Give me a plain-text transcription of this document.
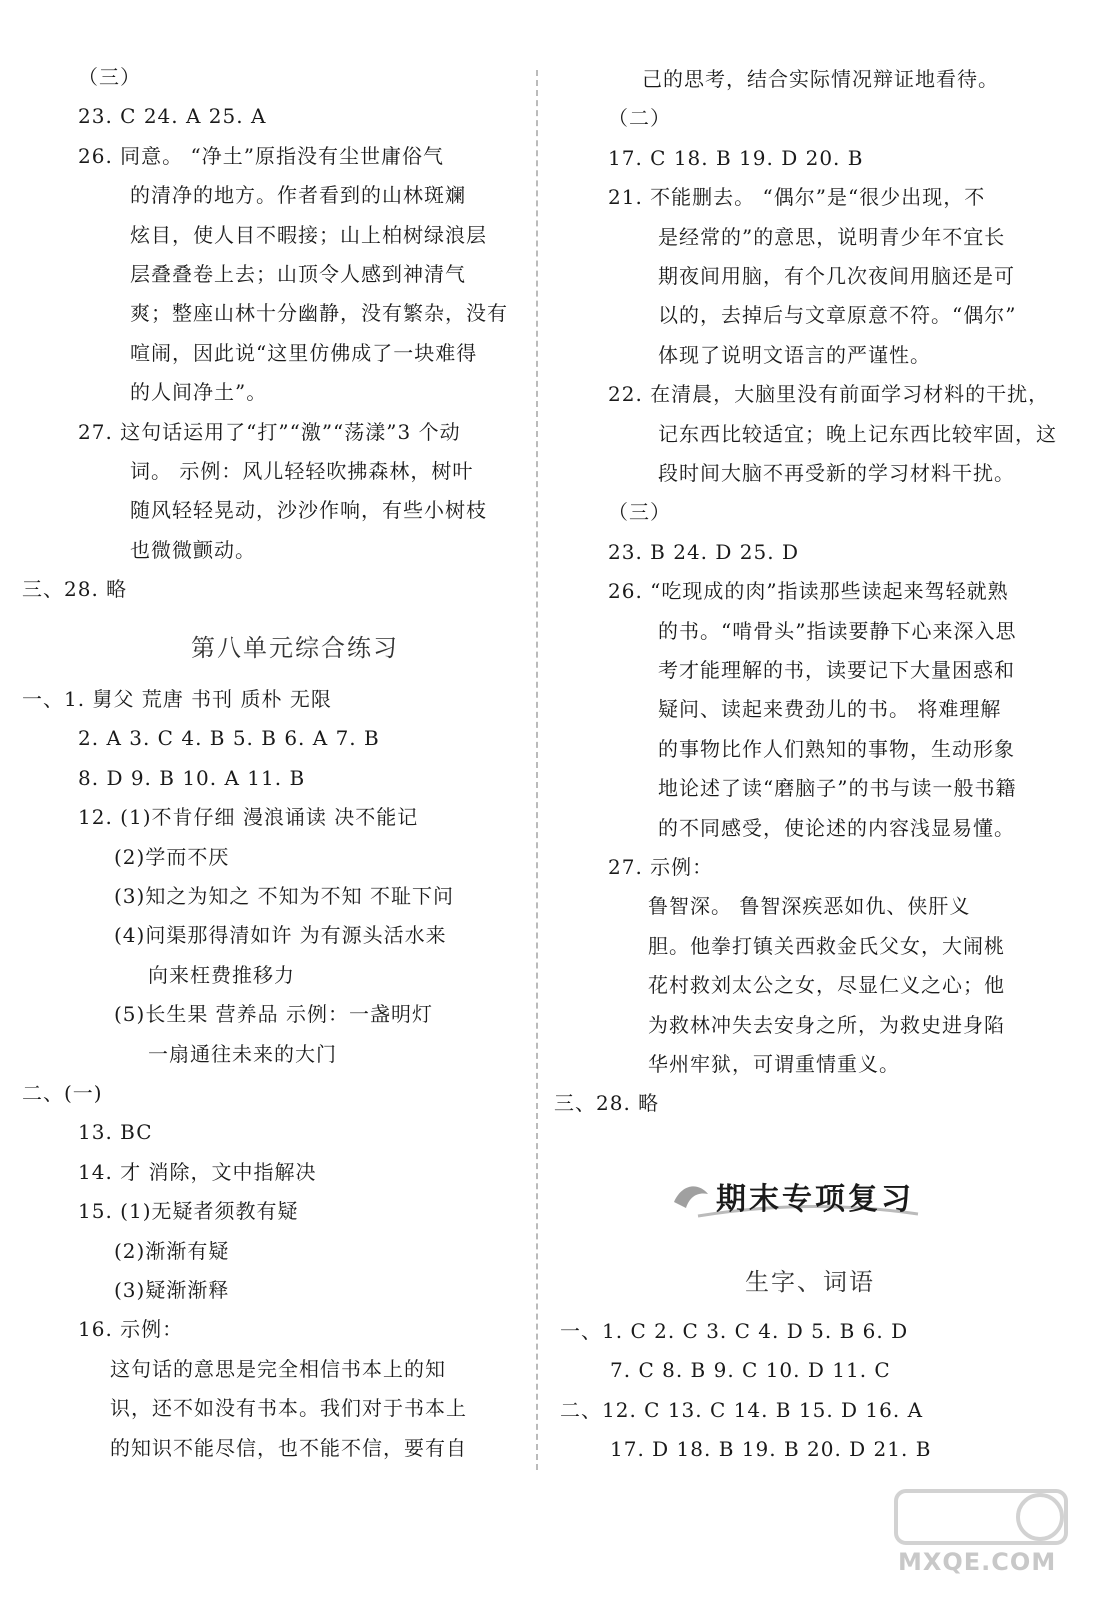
（三）
23. C 24. A 25. A
26. 同意。 “净土”原指没有尘世庸俗气
的清净的地方。作者看到的山林斑斓
炫目，使人目不暇接；山上柏树绿浪层
层叠叠卷上去；山顶令人感到神清气
爽；整座山林十分幽静，没有繁杂，没有
喧闹，因此说“这里仿佛成了一块难得
的人间净土”。
27. 这句话运用了“打”“激”“荡漾”3 个动
词。 示例：风儿轻轻吹拂森林，树叶
随风轻轻晃动，沙沙作响，有些小树枝
也微微颤动。
三、28. 略
一、1. 舅父 荒唐 书刊 质朴 无限
2. A 3. C 4. B 5. B 6. A 7. B
8. D 9. B 10. A 11. B
12. (1)不肯仔细 漫浪诵读 决不能记
(2)学而不厌
(3)知之为知之 不知为不知 不耻下问
(4)问渠那得清如许 为有源头活水来
向来枉费推移力
(5)长生果 营养品 示例：一盏明灯
一扇通往未来的大门
二、(一)
13. BC
14. 才 消除，文中指解决
15. (1)无疑者须教有疑
(2)渐渐有疑
(3)疑渐渐释
16. 示例：
这句话的意思是完全相信书本上的知
识，还不如没有书本。我们对于书本上
的知识不能尽信，也不能不信，要有自
己的思考，结合实际情况辩证地看待。
（二）
17. C 18. B 19. D 20. B
21. 不能删去。 “偶尔”是“很少出现，不
是经常的”的意思，说明青少年不宜长
期夜间用脑，有个几次夜间用脑还是可
以的，去掉后与文章原意不符。“偶尔”
体现了说明文语言的严谨性。
22. 在清晨，大脑里没有前面学习材料的干扰，
记东西比较适宜；晚上记东西比较牢固，这
段时间大脑不再受新的学习材料干扰。
（三）
23. B 24. D 25. D
26. “吃现成的肉”指读那些读起来驾轻就熟
的书。“啃骨头”指读要静下心来深入思
考才能理解的书，读要记下大量困惑和
疑问、读起来费劲儿的书。 将难理解
的事物比作人们熟知的事物，生动形象
地论述了读“磨脑子”的书与读一般书籍
的不同感受，使论述的内容浅显易懂。
27. 示例：
鲁智深。 鲁智深疾恶如仇、侠肝义
胆。他拳打镇关西救金氏父女，大闹桃
花村救刘太公之女，尽显仁义之心；他
为救林冲失去安身之所，为救史进身陷
华州牢狱，可谓重情重义。
三、28. 略
一、1. C 2. C 3. C 4. D 5. B 6. D
7. C 8. B 9. C 10. D 11. C
二、12. C 13. C 14. B 15. D 16. A
17. D 18. B 19. B 20. D 21. B
第八单元综合练习
期末专项复习
生字、词语
MXQE.COM
